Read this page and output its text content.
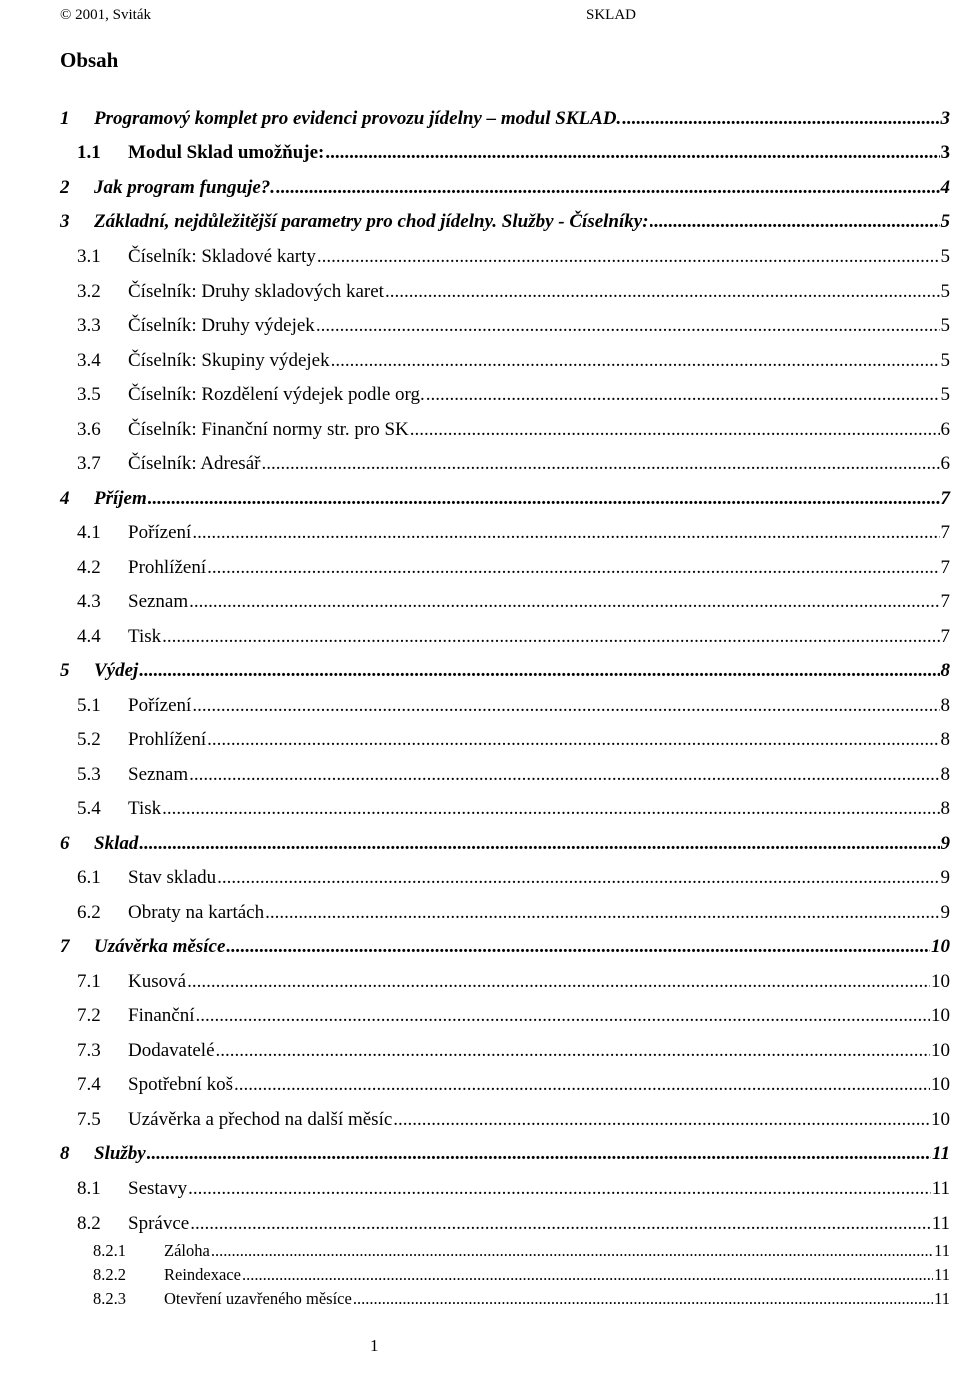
© 2001, Sviták	SKLAD
Obsah
1	Programový komplet pro evidenci provozu jídelny – modul SKLAD. .....	3
1.1	Modul Sklad umožňuje: .....	3
2	Jak program funguje?. .....	4
3	Základní, nejdůležitější parametry pro chod jídelny. Služby - Číselníky: .....	5
3.1	Číselník: Skladové karty .....	5
3.2	Číselník: Druhy skladových karet .....	5
3.3	Číselník: Druhy výdejek .....	5
3.4	Číselník: Skupiny výdejek .....	5
3.5	Číselník: Rozdělení výdejek podle org. .....	5
3.6	Číselník: Finanční normy str. pro SK .....	6
3.7	Číselník: Adresář .....	6
4	Příjem .....	7
4.1	Pořízení .....	7
4.2	Prohlížení .....	7
4.3	Seznam .....	7
4.4	Tisk .....	7
5	Výdej .....	8
5.1	Pořízení .....	8
5.2	Prohlížení .....	8
5.3	Seznam .....	8
5.4	Tisk .....	8
6	Sklad .....	9
6.1	Stav skladu .....	9
6.2	Obraty na kartách .....	9
7	Uzávěrka měsíce .....	10
7.1	Kusová .....	10
7.2	Finanční .....	10
7.3	Dodavatelé .....	10
7.4	Spotřební koš .....	10
7.5	Uzávěrka a přechod na další měsíc .....	10
8	Služby .....	11
8.1	Sestavy .....	11
8.2	Správce .....	11
8.2.1	Záloha .....	11
8.2.2	Reindexace .....	11
8.2.3	Otevření uzavřeného měsíce .....	11
1
